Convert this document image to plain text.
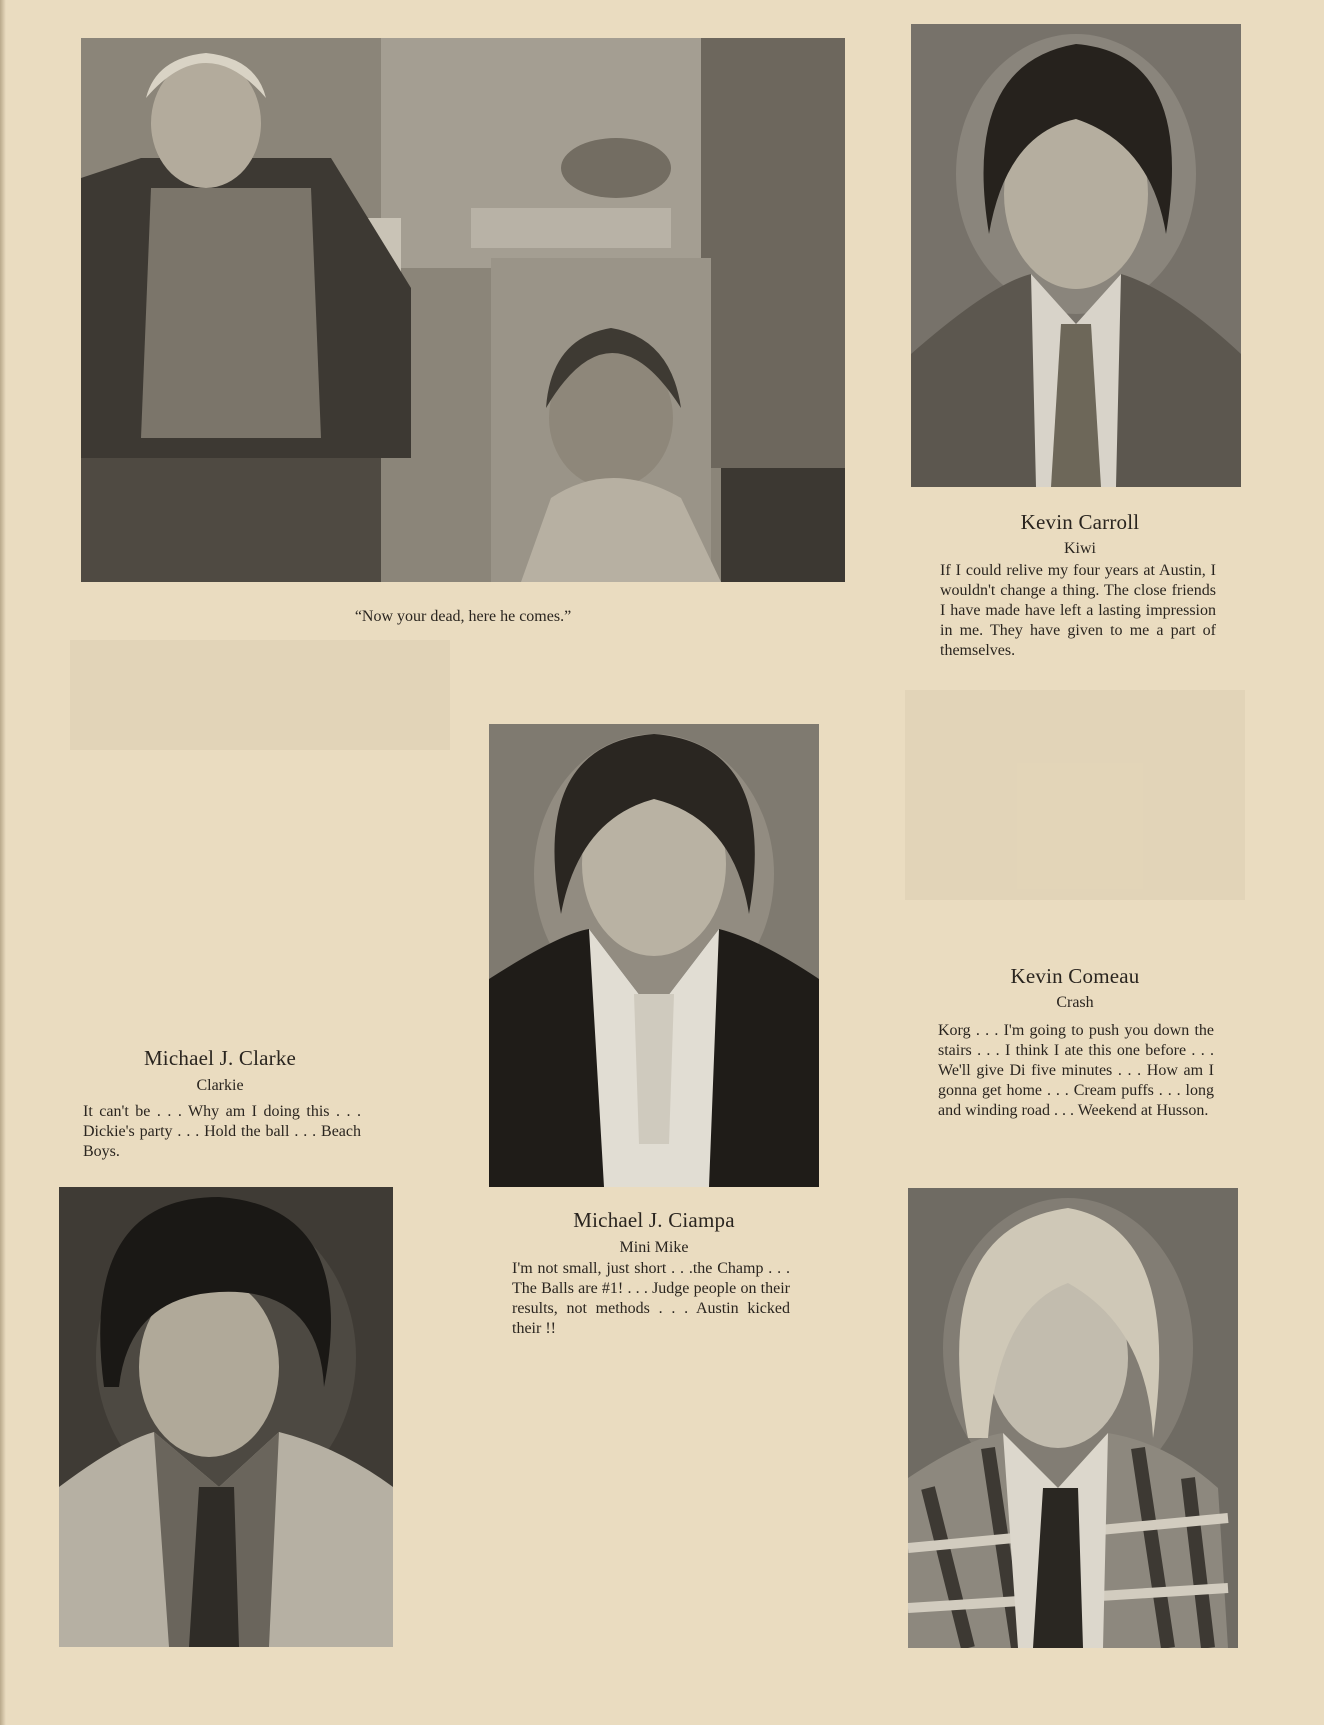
“Now your dead, here he comes.”
Kevin Carroll
Kiwi
If I could relive my four years at Austin, I wouldn't change a thing. The close friends I have made have left a lasting impression in me. They have given to me a part of themselves.
Michael J. Ciampa
Mini Mike
I'm not small, just short . . .the Champ . . . The Balls are #1! . . . Judge people on their results, not methods . . . Austin kicked their !!
Kevin Comeau
Crash
Korg . . . I'm going to push you down the stairs . . . I think I ate this one before . . . We'll give Di five minutes . . . How am I gonna get home . . . Cream puffs . . . long and winding road . . . Weekend at Husson.
Michael J. Clarke
Clarkie
It can't be . . . Why am I doing this . . . Dickie's party . . . Hold the ball . . . Beach Boys.
